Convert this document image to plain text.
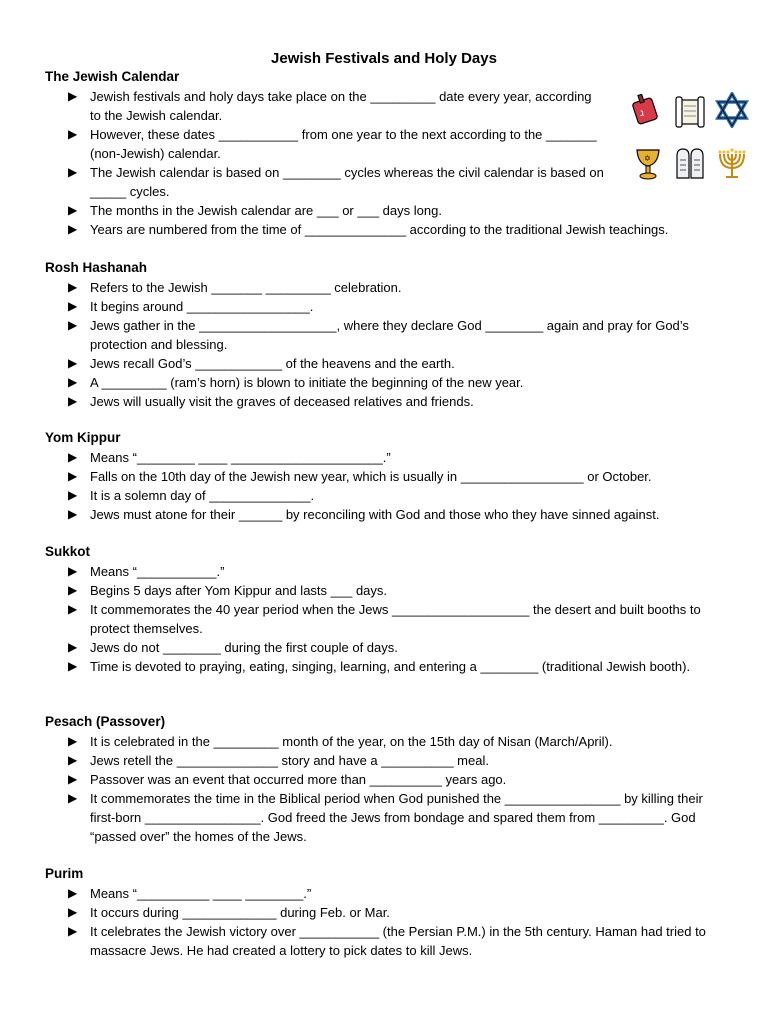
Jewish Festivals and Holy Days
The Jewish Calendar
▶ Jewish festivals and holy days take place on the _________ date every year, according to the Jewish calendar.
▶ However, these dates ___________ from one year to the next according to the _______ (non-Jewish) calendar.
▶ The Jewish calendar is based on ________ cycles whereas the civil calendar is based on _____ cycles.
▶ The months in the Jewish calendar are ___ or ___ days long.
▶ Years are numbered from the time of ______________ according to the traditional Jewish teachings.
Rosh Hashanah
▶ Refers to the Jewish _______ _________ celebration.
▶ It begins around _________________.
▶ Jews gather in the ___________________, where they declare God ________ again and pray for God’s protection and blessing.
▶ Jews recall God’s ____________ of the heavens and the earth.
▶ A _________ (ram’s horn) is blown to initiate the beginning of the new year.
▶ Jews will usually visit the graves of deceased relatives and friends.
Yom Kippur
▶ Means “________ ____ _____________________.”
▶ Falls on the 10th day of the Jewish new year, which is usually in _________________ or October.
▶ It is a solemn day of ______________.
▶ Jews must atone for their ______ by reconciling with God and those who they have sinned against.
Sukkot
▶ Means “___________.”
▶ Begins 5 days after Yom Kippur and lasts ___ days.
▶ It commemorates the 40 year period when the Jews ___________________ the desert and built booths to protect themselves.
▶ Jews do not ________ during the first couple of days.
▶ Time is devoted to praying, eating, singing, learning, and entering a ________ (traditional Jewish booth).
Pesach (Passover)
▶ It is celebrated in the _________ month of the year, on the 15th day of Nisan (March/April).
▶ Jews retell the ______________ story and have a __________ meal.
▶ Passover was an event that occurred more than __________ years ago.
▶ It commemorates the time in the Biblical period when God punished the ________________ by killing their first-born ________________. God freed the Jews from bondage and spared them from _________. God “passed over” the homes of the Jews.
Purim
▶ Means “__________ ____ ________.”
▶ It occurs during _____________ during Feb. or Mar.
▶ It celebrates the Jewish victory over ___________ (the Persian P.M.) in the 5th century. Haman had tried to massacre Jews. He had created a lottery to pick dates to kill Jews.
ג
✡
